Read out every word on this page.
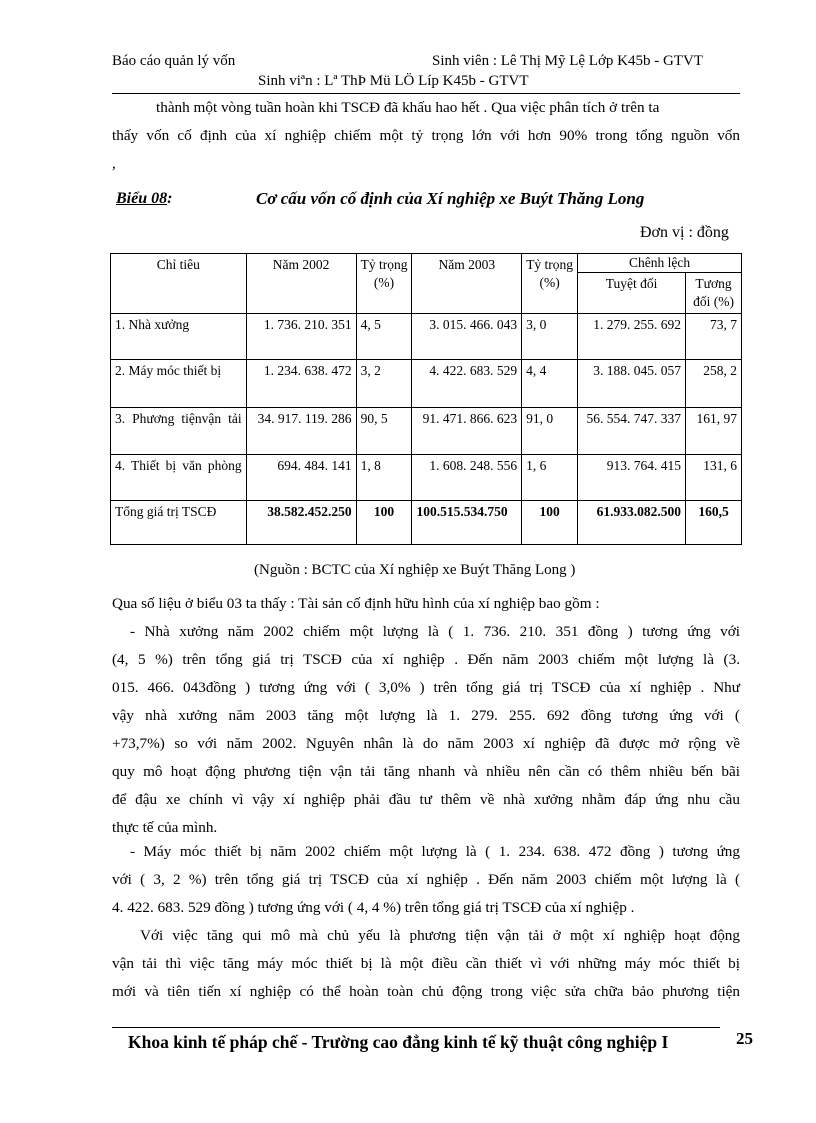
Báo cáo quản lý vốn	Sinh viên : Lê Thị Mỹ Lệ Lớp K45b - GTVT
Sinh viªn : Lª ThÞ Mü LÖ Líp K45b - GTVT
thành một vòng tuần hoàn khi TSCĐ đã khấu hao hết . Qua việc phân tích ở trên ta
thấy vốn cố định của xí nghiệp chiếm một tỷ trọng lớn với hơn 90% trong tổng nguồn vốn
,
Biểu 08:	Cơ cấu vốn cố định của Xí nghiệp xe Buýt Thăng Long
Đơn vị : đồng
Chỉ tiêu	Năm 2002	Tỷ trọng (%)	Năm 2003	Tỷ trọng (%)	Chênh lệch	
					Tuyệt đối	Tương đối (%)
1. Nhà xưởng	1. 736. 210. 351	4, 5	3. 015. 466. 043	3, 0	1. 279. 255. 692	73, 7
2. Máy móc thiết bị	1. 234. 638. 472	3, 2	4. 422. 683. 529	4, 4	3. 188. 045. 057	258, 2
3. Phương tiệnvận tải	34. 917. 119. 286	90, 5	91. 471. 866. 623	91, 0	56. 554. 747. 337	161, 97
4. Thiết bị văn phòng	694. 484. 141	1, 8	1. 608. 248. 556	1, 6	913. 764. 415	131, 6
Tổng giá trị TSCĐ	38.582.452.250	100	100.515.534.750	100	61.933.082.500	160,5
(Nguồn : BCTC của Xí nghiệp xe Buýt Thăng Long )
Qua số liệu ở biểu 03 ta thấy : Tài sản cố định hữu hình của xí nghiệp bao gồm :
- Nhà xưởng năm 2002 chiếm một lượng là ( 1. 736. 210. 351 đồng ) tương ứng với
(4, 5 %) trên tổng giá trị TSCĐ của xí nghiệp . Đến năm 2003 chiếm một lượng là (3.
015. 466. 043đồng ) tương ứng với ( 3,0% ) trên tổng giá trị TSCĐ của xí nghiệp . Như
vậy nhà xưởng năm 2003 tăng một lượng là 1. 279. 255. 692 đồng tương ứng với (
+73,7%) so với năm 2002. Nguyên nhân là do năm 2003 xí nghiệp đã được mở rộng về
quy mô hoạt động phương tiện vận tải tăng nhanh và nhiều nên cần có thêm nhiều bến bãi
để đậu xe chính vì vậy xí nghiệp phải đầu tư thêm về nhà xưởng nhằm đáp ứng nhu cầu
thực tế của mình.
- Máy móc thiết bị năm 2002 chiếm một lượng là ( 1. 234. 638. 472 đồng ) tương ứng
với ( 3, 2 %) trên tổng giá trị TSCĐ của xí nghiệp . Đến năm 2003 chiếm một lượng là (
4. 422. 683. 529 đồng ) tương ứng với ( 4, 4 %) trên tổng giá trị TSCĐ của xí nghiệp .
Với việc tăng qui mô mà chủ yếu là phương tiện vận tải ở một xí nghiệp hoạt động
vận tải thì việc tăng máy móc thiết bị là một điều cần thiết vì với những máy móc thiết bị
mới và tiên tiến xí nghiệp có thể hoàn toàn chủ động trong việc sửa chữa bảo phương tiện
Khoa kinh tế pháp chế - Trường cao đẳng kinh tế kỹ thuật công nghiệp I	25
